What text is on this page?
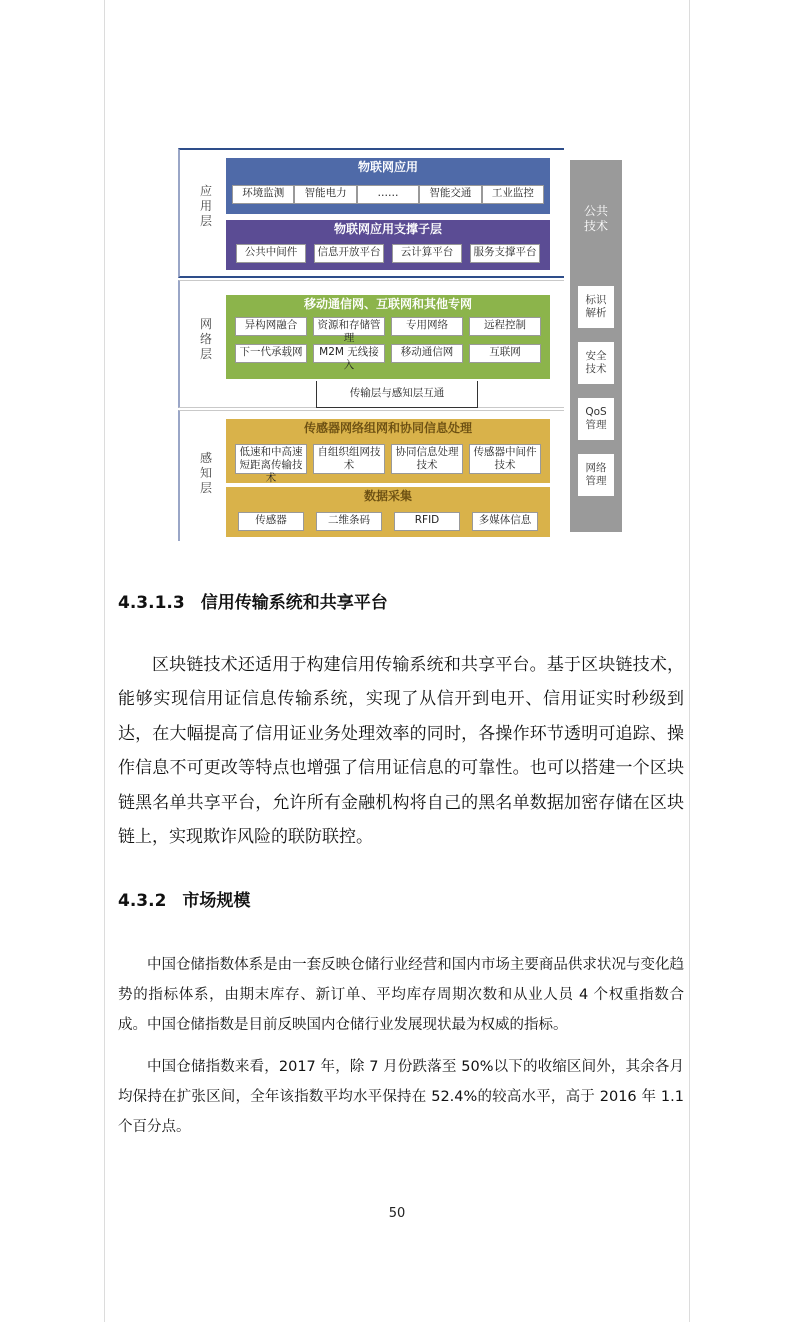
应
用
层
物联网应用
环境监测	智能电力	……	智能交通	工业监控
物联网应用支撑子层
公共中间件	信息开放平台	云计算平台	服务支撑平台
网
络
层
移动通信网、互联网和其他专网
异构网融合	资源和存储管理
专用网络	远程控制
下一代承载网	M2M 无线接入
移动通信网	互联网
传输层与感知层互通
感
知
层
传感器网络组网和协同信息处理
低速和中高速短距离传输技术
自组织组网技术
协同信息处理技术
传感器中间件技术
数据采集
传感器	二维条码	RFID	多媒体信息
公共技术
标识解析
安全技术
QoS 管理
网络管理
4.3.1.3 信用传输系统和共享平台

区块链技术还适用于构建信用传输系统和共享平台。基于区块链技术，能够实现信用证信息传输系统，实现了从信开到电开、信用证实时秒级到达，在大幅提高了信用证业务处理效率的同时，各操作环节透明可追踪、操作信息不可更改等特点也增强了信用证信息的可靠性。也可以搭建一个区块链黑名单共享平台，允许所有金融机构将自己的黑名单数据加密存储在区块链上，实现欺诈风险的联防联控。

4.3.2 市场规模

中国仓储指数体系是由一套反映仓储行业经营和国内市场主要商品供求状况与变化趋势的指标体系，由期末库存、新订单、平均库存周期次数和从业人员 4 个权重指数合成。中国仓储指数是目前反映国内仓储行业发展现状最为权威的指标。

中国仓储指数来看，2017 年，除 7 月份跌落至 50%以下的收缩区间外，其余各月均保持在扩张区间，全年该指数平均水平保持在 52.4%的较高水平，高于 2016 年 1.1 个百分点。

50
